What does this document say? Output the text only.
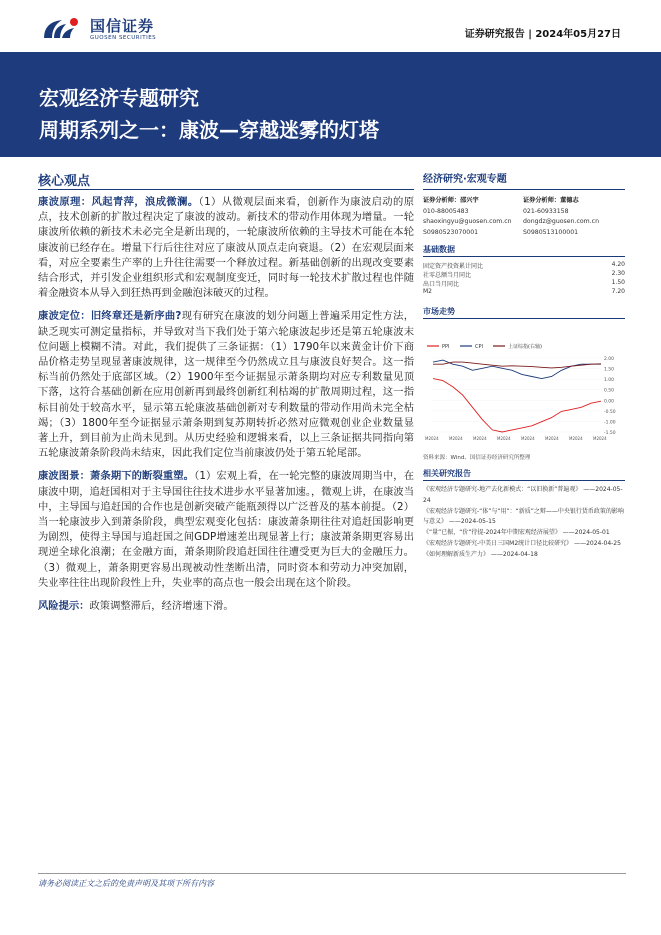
国信证券
GUOSEN SECURITIES	证券研究报告 | 2024年05月27日
宏观经济专题研究
周期系列之一：康波—穿越迷雾的灯塔
核心观点

康波原理：风起青萍，浪成微澜。（1）从微观层面来看，创新作为康波启动的原点，技术创新的扩散过程决定了康波的波动。新技术的带动作用体现为增量。一轮康波所依赖的新技术未必完全是新出现的，一轮康波所依赖的主导技术可能在本轮康波前已经存在。增量下行后往往对应了康波从顶点走向衰退。（2）在宏观层面来看，对应全要素生产率的上升往往需要一个释放过程。新基础创新的出现改变要素结合形式，并引发企业组织形式和宏观制度变迁，同时每一轮技术扩散过程也伴随着金融资本从导入到狂热再到金融泡沫破灭的过程。

康波定位：旧终章还是新序曲?现有研究在康波的划分问题上普遍采用定性方法，缺乏现实可测定量指标，并导致对当下我们处于第六轮康波起步还是第五轮康波末位问题上模糊不清。对此，我们提供了三条证据：（1）1790年以来黄金计价下商品价格走势呈现显著康波规律，这一规律至今仍然成立且与康波良好契合。这一指标当前仍然处于底部区域。（2）1900年至今证据显示萧条期均对应专利数量见顶下落，这符合基础创新在应用创新再到最终创新红利枯竭的扩散周期过程，这一指标目前处于较高水平，显示第五轮康波基础创新对专利数量的带动作用尚未完全枯竭；（3）1800年至今证据显示萧条期到复苏期转折必然对应微观创业企业数量显著上升，到目前为止尚未见到。从历史经验和逻辑来看，以上三条证据共同指向第五轮康波萧条阶段尚未结束，因此我们定位当前康波仍处于第五轮尾部。

康波图景：萧条期下的断裂重塑。（1）宏观上看，在一轮完整的康波周期当中，在康波中期，追赶国相对于主导国往往技术进步水平显著加速。，微观上讲，在康波当中，主导国与追赶国的合作也是创新突破产能瓶颈得以广泛普及的基本前提。（2）当一轮康波步入到萧条阶段，典型宏观变化包括：康波萧条期往往对追赶国影响更为剧烈，使得主导国与追赶国之间GDP增速差出现显著上行；康波萧条期更容易出现逆全球化浪潮；在金融方面，萧条期阶段追赶国往往遭受更为巨大的金融压力。（3）微观上，萧条期更容易出现被动性垄断出清，同时资本和劳动力冲突加剧，失业率往往出现阶段性上升，失业率的高点也一般会出现在这个阶段。

风险提示：政策调整滞后，经济增速下滑。

经济研究·宏观专题
证券分析师：邵兴宇
010-88005483
shaoxingyu@guosen.com.cn
S0980523070001
证券分析师：董德志
021-60933158
dongdz@guosen.com.cn
S0980513100001
基础数据
固定资产投资累计同比	4.20
社零总额当月同比	2.30
出口当月同比	1.50
M2	7.20
市场走势
PPI	CPI	上证综指(右轴)
2.00
1.50
1.00
0.50
0.00
-0.50
-1.00
-1.50
M2024	M2024	M2024	M2024	M2024	M2024	M2024	M2024
资料来源：Wind、国信证券经济研究所整理
相关研究报告
《宏观经济专题研究-地产去化新模式：“以旧换新”普遍观》 ——2024-05-24
《宏观经济专题研究-“体”与“用”：“新质”之辩——中央银行货币政策的影响与意义》 ——2024-05-15
《“量”已振，“价”待提-2024年中期宏观经济展望》 ——2024-05-01
《宏观经济专题研究-中美日三国M2统计口径比较研究》 ——2024-04-25
《如何理解新质生产力》 ——2024-04-18
请务必阅读正文之后的免责声明及其项下所有内容
